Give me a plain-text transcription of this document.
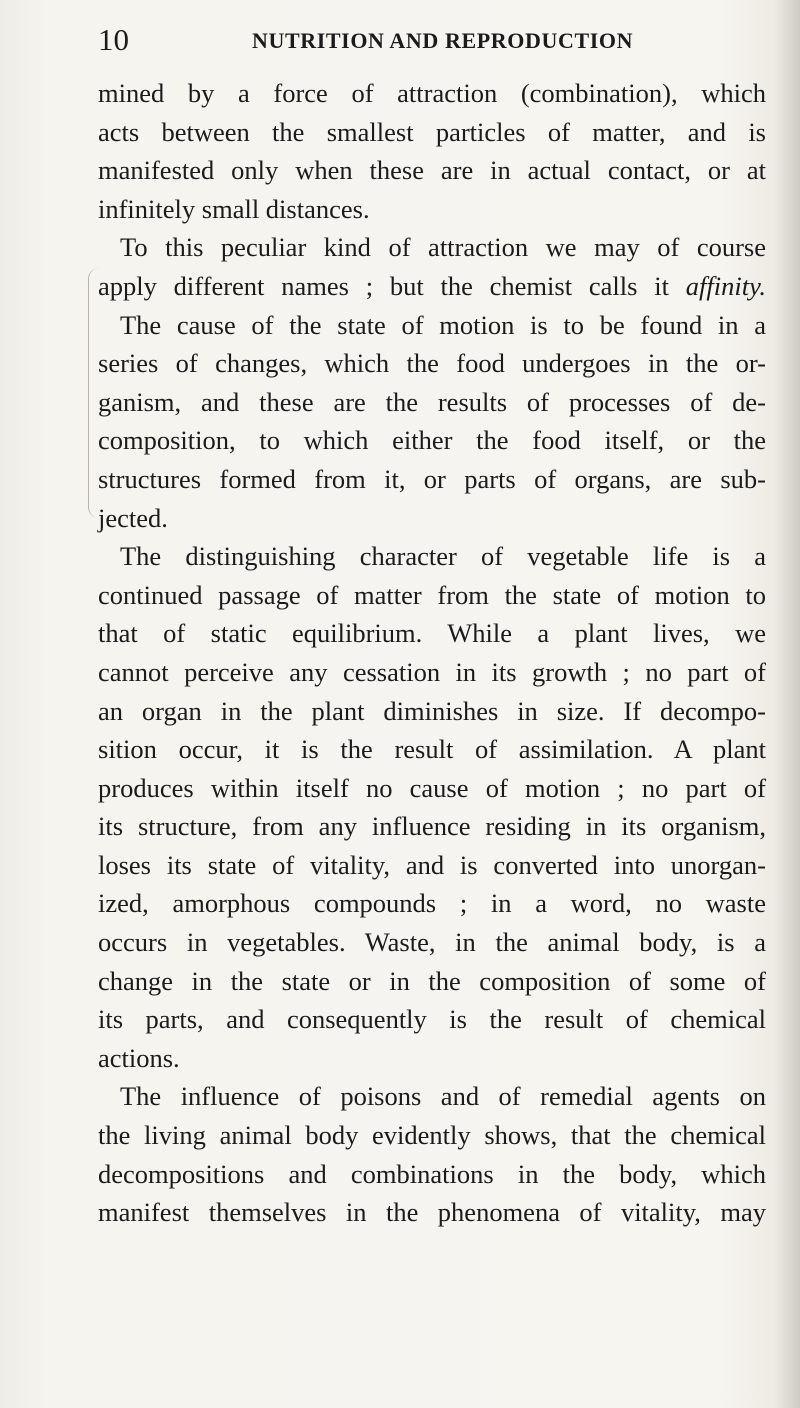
10	NUTRITION AND REPRODUCTION
mined by a force of attraction (combination), which
acts between the smallest particles of matter, and is
manifested only when these are in actual contact, or at
infinitely small distances.
To this peculiar kind of attraction we may of course
apply different names ; but the chemist calls it affinity.
The cause of the state of motion is to be found in a
series of changes, which the food undergoes in the or-
ganism, and these are the results of processes of de-
composition, to which either the food itself, or the
structures formed from it, or parts of organs, are sub-
jected.
The distinguishing character of vegetable life is a
continued passage of matter from the state of motion to
that of static equilibrium. While a plant lives, we
cannot perceive any cessation in its growth ; no part of
an organ in the plant diminishes in size. If decompo-
sition occur, it is the result of assimilation. A plant
produces within itself no cause of motion ; no part of
its structure, from any influence residing in its organism,
loses its state of vitality, and is converted into unorgan-
ized, amorphous compounds ; in a word, no waste
occurs in vegetables. Waste, in the animal body, is a
change in the state or in the composition of some of
its parts, and consequently is the result of chemical
actions.
The influence of poisons and of remedial agents on
the living animal body evidently shows, that the chemical
decompositions and combinations in the body, which
manifest themselves in the phenomena of vitality, may
